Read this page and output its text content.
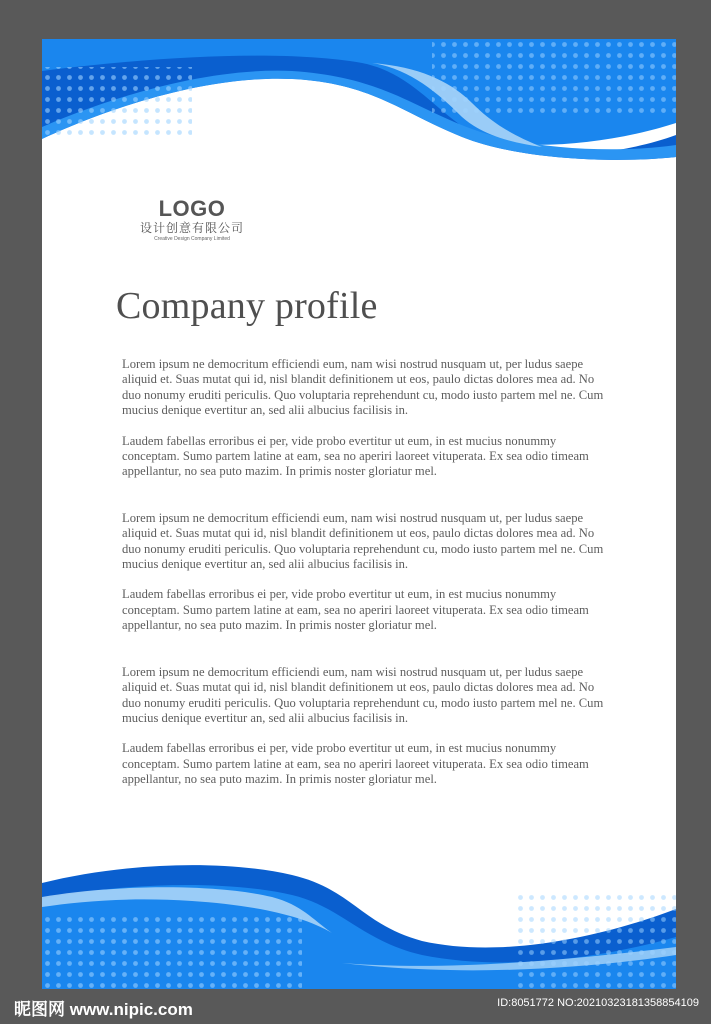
LOGO
设计创意有限公司
Creative Design Company Limited
Company profile

Lorem ipsum ne democritum efficiendi eum, nam wisi nostrud nusquam ut, per ludus saepe aliquid et. Suas mutat qui id, nisl blandit definitionem ut eos, paulo dictas dolores mea ad. No duo nonumy eruditi periculis. Quo voluptaria reprehendunt cu, modo iusto partem mel ne. Cum mucius denique evertitur an, sed alii albucius facilisis in.

Laudem fabellas erroribus ei per, vide probo evertitur ut eum, in est mucius nonummy conceptam. Sumo partem latine at eam, sea no aperiri laoreet vituperata. Ex sea odio timeam appellantur, no sea puto mazim. In primis noster gloriatur mel.

Lorem ipsum ne democritum efficiendi eum, nam wisi nostrud nusquam ut, per ludus saepe aliquid et. Suas mutat qui id, nisl blandit definitionem ut eos, paulo dictas dolores mea ad. No duo nonumy eruditi periculis. Quo voluptaria reprehendunt cu, modo iusto partem mel ne. Cum mucius denique evertitur an, sed alii albucius facilisis in.

Laudem fabellas erroribus ei per, vide probo evertitur ut eum, in est mucius nonummy conceptam. Sumo partem latine at eam, sea no aperiri laoreet vituperata. Ex sea odio timeam appellantur, no sea puto mazim. In primis noster gloriatur mel.

Lorem ipsum ne democritum efficiendi eum, nam wisi nostrud nusquam ut, per ludus saepe aliquid et. Suas mutat qui id, nisl blandit definitionem ut eos, paulo dictas dolores mea ad. No duo nonumy eruditi periculis. Quo voluptaria reprehendunt cu, modo iusto partem mel ne. Cum mucius denique evertitur an, sed alii albucius facilisis in.

Laudem fabellas erroribus ei per, vide probo evertitur ut eum, in est mucius nonummy conceptam. Sumo partem latine at eam, sea no aperiri laoreet vituperata. Ex sea odio timeam appellantur, no sea puto mazim. In primis noster gloriatur mel.

昵图网 www.nipic.com	ID:8051772 NO:20210323181358854109
